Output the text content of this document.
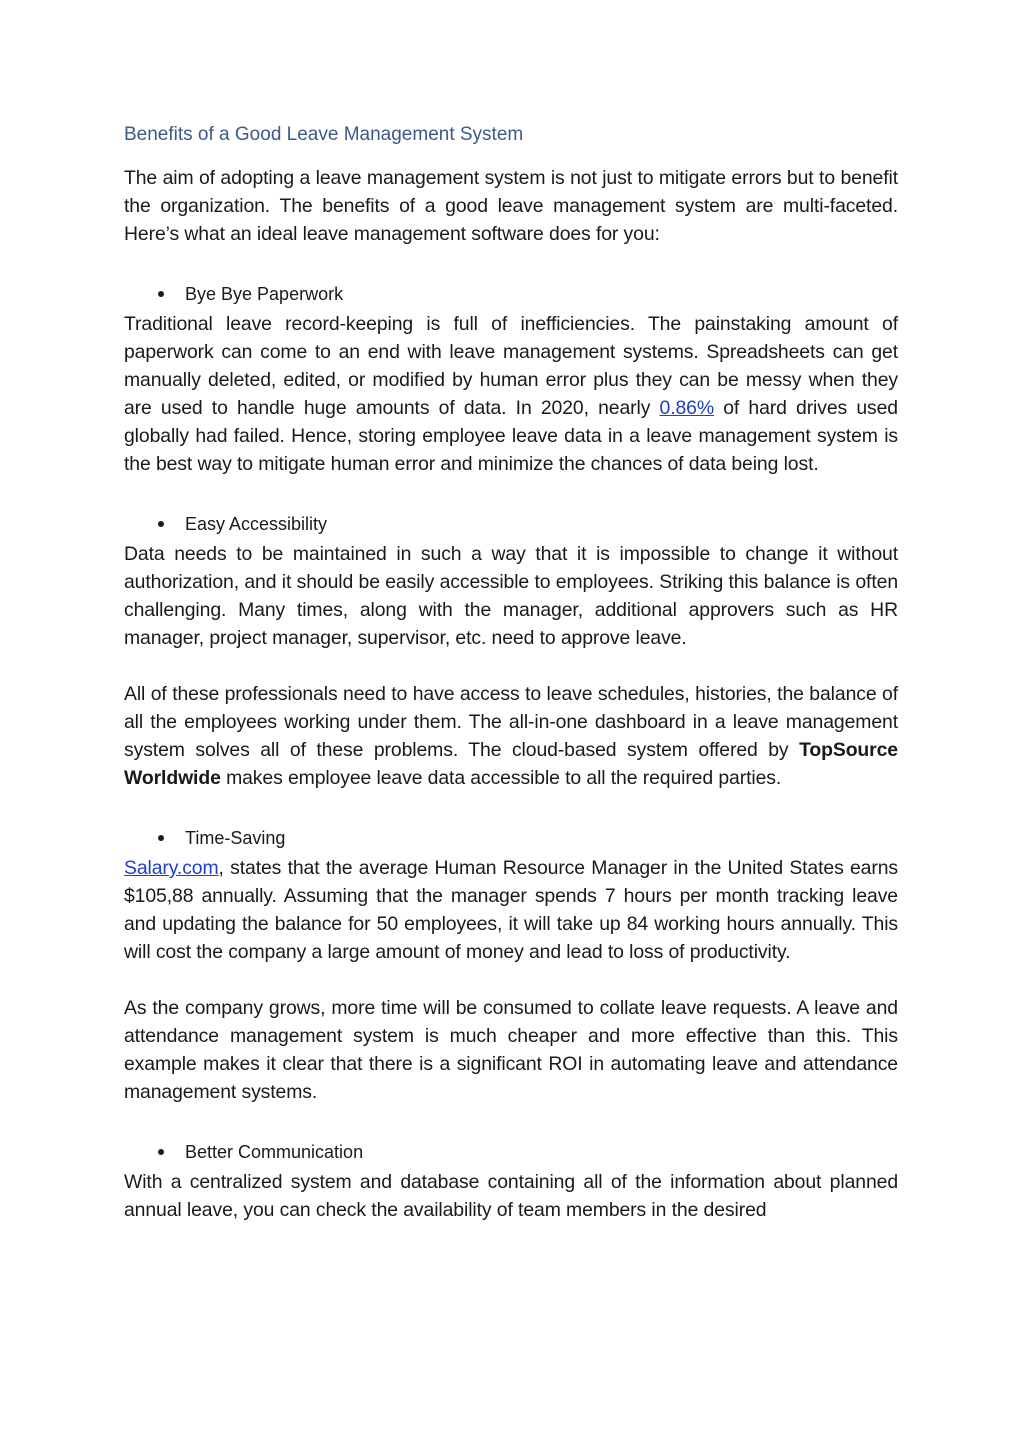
Benefits of a Good Leave Management System

The aim of adopting a leave management system is not just to mitigate errors but to benefit the organization. The benefits of a good leave management system are multi-faceted. Here’s what an ideal leave management software does for you:

Bye Bye Paperwork

Traditional leave record-keeping is full of inefficiencies. The painstaking amount of paperwork can come to an end with leave management systems. Spreadsheets can get manually deleted, edited, or modified by human error plus they can be messy when they are used to handle huge amounts of data. In 2020, nearly 0.86% of hard drives used globally had failed. Hence, storing employee leave data in a leave management system is the best way to mitigate human error and minimize the chances of data being lost.

Easy Accessibility

Data needs to be maintained in such a way that it is impossible to change it without authorization, and it should be easily accessible to employees. Striking this balance is often challenging. Many times, along with the manager, additional approvers such as HR manager, project manager, supervisor, etc. need to approve leave.

All of these professionals need to have access to leave schedules, histories, the balance of all the employees working under them. The all-in-one dashboard in a leave management system solves all of these problems. The cloud-based system offered by TopSource Worldwide makes employee leave data accessible to all the required parties.

Time-Saving

Salary.com, states that the average Human Resource Manager in the United States earns $105,88 annually. Assuming that the manager spends 7 hours per month tracking leave and updating the balance for 50 employees, it will take up 84 working hours annually. This will cost the company a large amount of money and lead to loss of productivity.

As the company grows, more time will be consumed to collate leave requests. A leave and attendance management system is much cheaper and more effective than this. This example makes it clear that there is a significant ROI in automating leave and attendance management systems.

Better Communication

With a centralized system and database containing all of the information about planned annual leave, you can check the availability of team members in the desired
